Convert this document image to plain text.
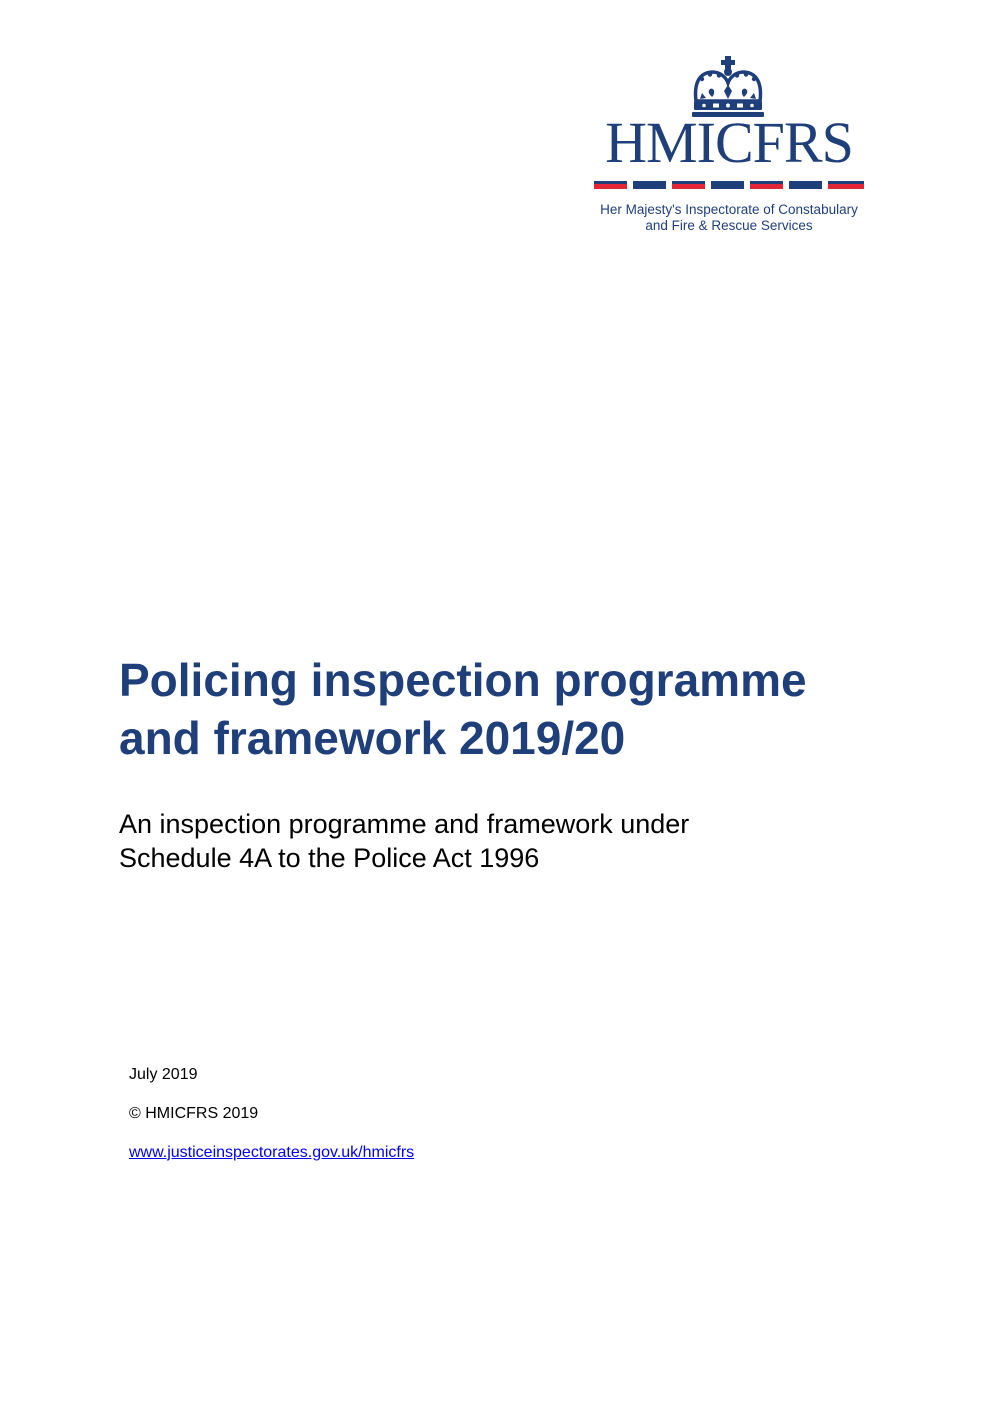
HMICFRS
Her Majesty's Inspectorate of Constabulary
and Fire & Rescue Services
Policing inspection programme
and framework 2019/20
An inspection programme and framework under
Schedule 4A to the Police Act 1996
July 2019
© HMICFRS 2019
www.justiceinspectorates.gov.uk/hmicfrs
